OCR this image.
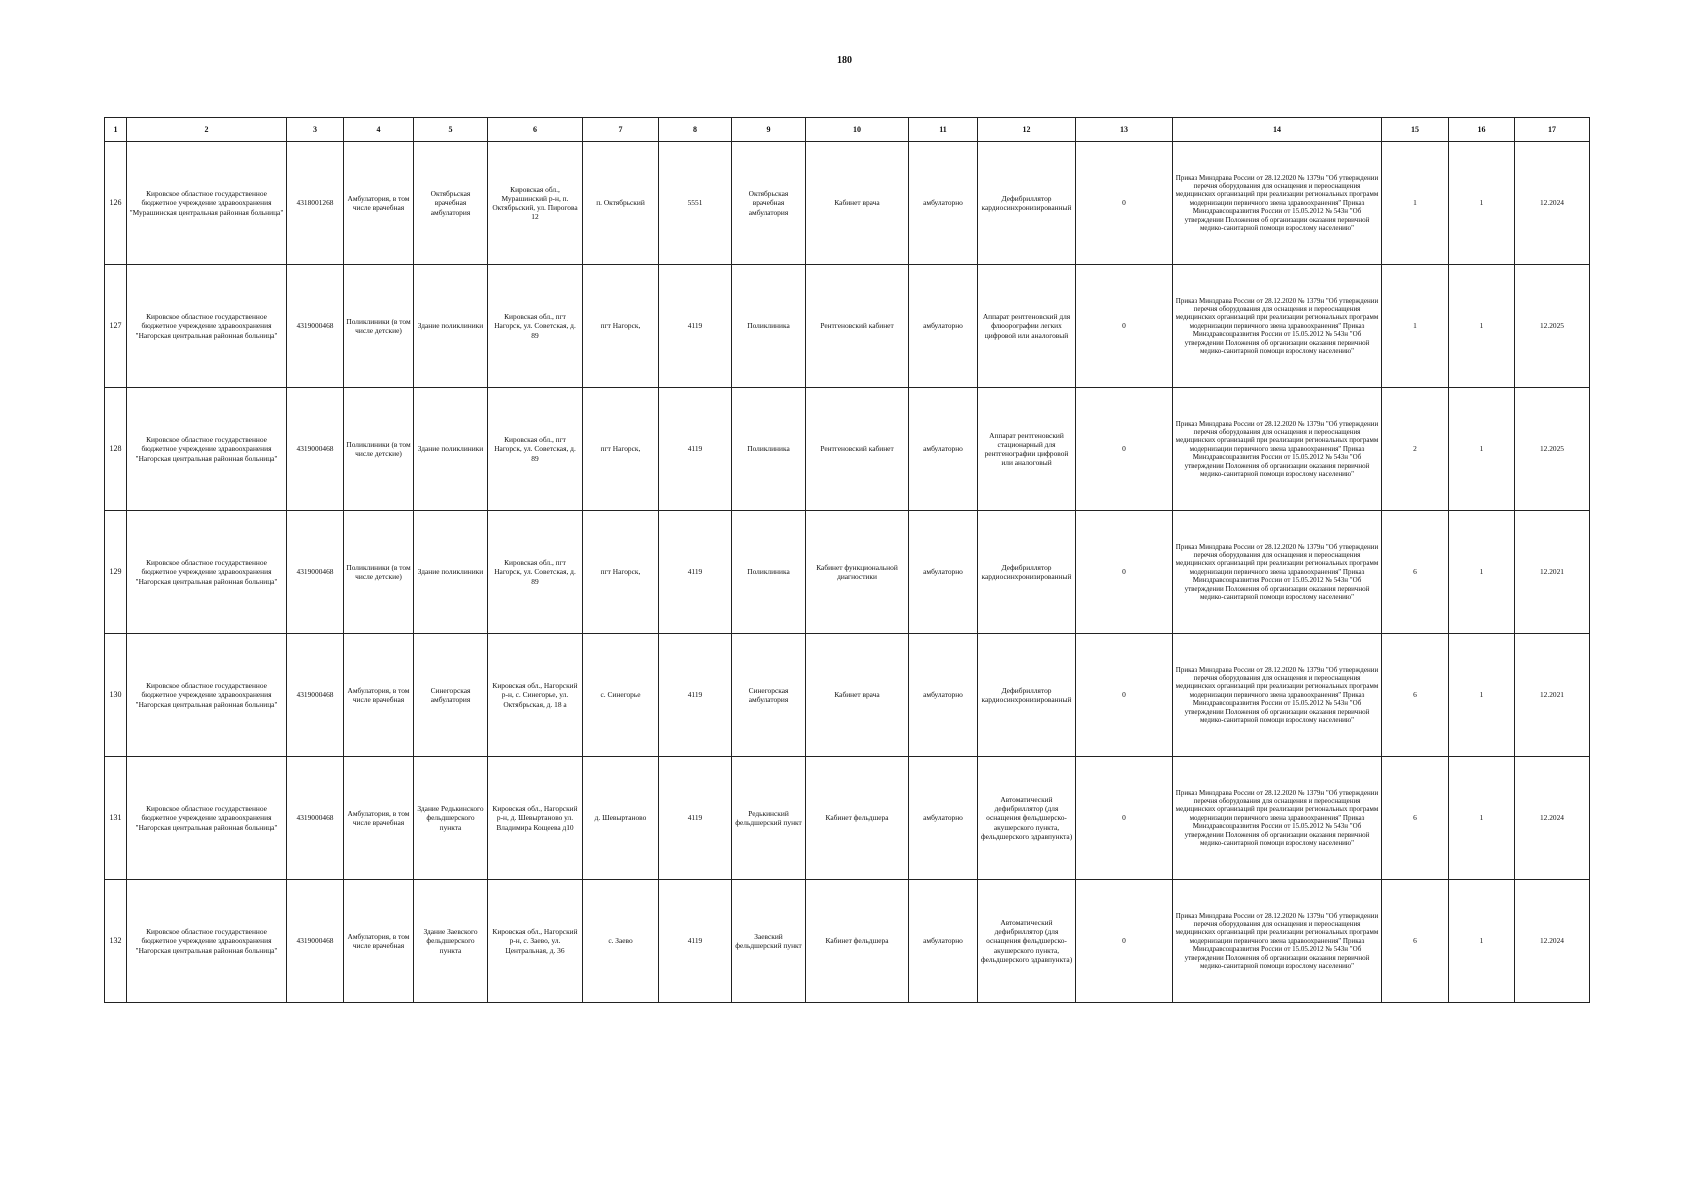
180
1	2	3	4	5	6	7	8	9	10	11	12	13	14	15	16	17
126	Кировское областное государственное бюджетное учреждение здравоохранения "Мурашинская центральная районная больница"	4318001268	Амбулатория, в том числе врачебная	Октябрьская врачебная амбулатория	Кировская обл., Мурашинский р-н, п. Октябрьский, ул. Пирогова 12	п. Октябрьский	5551	Октябрьская врачебная амбулатория	Кабинет врача	амбулаторно	Дефибриллятор кардиосинхронизированный	0	Приказ Минздрава России от 28.12.2020 № 1379н "Об утверждении перечня оборудования для оснащения и переоснащения медицинских организаций при реализации региональных программ модернизации первичного звена здравоохранения" Приказ Минздравсоцразвития России от 15.05.2012 № 543н "Об утверждении Положения об организации оказания первичной медико-санитарной помощи взрослому населению"	1	1	12.2024
127	Кировское областное государственное бюджетное учреждение здравоохранения "Нагорская центральная районная больница"	4319000468	Поликлиники (в том числе детские)	Здание поликлиники	Кировская обл., пгт Нагорск, ул. Советская, д. 89	пгт Нагорск,	4119	Поликлиника	Рентгеновский кабинет	амбулаторно	Аппарат рентгеновский для флюорографии легких цифровой или аналоговый	0	Приказ Минздрава России от 28.12.2020 № 1379н "Об утверждении перечня оборудования для оснащения и переоснащения медицинских организаций при реализации региональных программ модернизации первичного звена здравоохранения" Приказ Минздравсоцразвития России от 15.05.2012 № 543н "Об утверждении Положения об организации оказания первичной медико-санитарной помощи взрослому населению"	1	1	12.2025
128	Кировское областное государственное бюджетное учреждение здравоохранения "Нагорская центральная районная больница"	4319000468	Поликлиники (в том числе детские)	Здание поликлиники	Кировская обл., пгт Нагорск, ул. Советская, д. 89	пгт Нагорск,	4119	Поликлиника	Рентгеновский кабинет	амбулаторно	Аппарат рентгеновский стационарный для рентгенографии цифровой или аналоговый	0	Приказ Минздрава России от 28.12.2020 № 1379н "Об утверждении перечня оборудования для оснащения и переоснащения медицинских организаций при реализации региональных программ модернизации первичного звена здравоохранения" Приказ Минздравсоцразвития России от 15.05.2012 № 543н "Об утверждении Положения об организации оказания первичной медико-санитарной помощи взрослому населению"	2	1	12.2025
129	Кировское областное государственное бюджетное учреждение здравоохранения "Нагорская центральная районная больница"	4319000468	Поликлиники (в том числе детские)	Здание поликлиники	Кировская обл., пгт Нагорск, ул. Советская, д. 89	пгт Нагорск,	4119	Поликлиника	Кабинет функциональной диагностики	амбулаторно	Дефибриллятор кардиосинхронизированный	0	Приказ Минздрава России от 28.12.2020 № 1379н "Об утверждении перечня оборудования для оснащения и переоснащения медицинских организаций при реализации региональных программ модернизации первичного звена здравоохранения" Приказ Минздравсоцразвития России от 15.05.2012 № 543н "Об утверждении Положения об организации оказания первичной медико-санитарной помощи взрослому населению"	6	1	12.2021
130	Кировское областное государственное бюджетное учреждение здравоохранения "Нагорская центральная районная больница"	4319000468	Амбулатория, в том числе врачебная	Синегорская амбулатория	Кировская обл., Нагорский р-н, с. Синегорье, ул. Октябрьская, д. 18 а	с. Синегорье	4119	Синегорская амбулатория	Кабинет врача	амбулаторно	Дефибриллятор кардиосинхронизированный	0	Приказ Минздрава России от 28.12.2020 № 1379н "Об утверждении перечня оборудования для оснащения и переоснащения медицинских организаций при реализации региональных программ модернизации первичного звена здравоохранения" Приказ Минздравсоцразвития России от 15.05.2012 № 543н "Об утверждении Положения об организации оказания первичной медико-санитарной помощи взрослому населению"	6	1	12.2021
131	Кировское областное государственное бюджетное учреждение здравоохранения "Нагорская центральная районная больница"	4319000468	Амбулатория, в том числе врачебная	Здание Редькинского фельдшерского пункта	Кировская обл., Нагорский р-н, д. Шевыртаново ул. Владимира Кощеева д10	д. Шевыртаново	4119	Редькинский фельдшерский пункт	Кабинет фельдшера	амбулаторно	Автоматический дефибриллятор (для оснащения фельдшерско-акушерского пункта, фельдшерского здравпункта)	0	Приказ Минздрава России от 28.12.2020 № 1379н "Об утверждении перечня оборудования для оснащения и переоснащения медицинских организаций при реализации региональных программ модернизации первичного звена здравоохранения" Приказ Минздравсоцразвития России от 15.05.2012 № 543н "Об утверждении Положения об организации оказания первичной медико-санитарной помощи взрослому населению"	6	1	12.2024
132	Кировское областное государственное бюджетное учреждение здравоохранения "Нагорская центральная районная больница"	4319000468	Амбулатория, в том числе врачебная	Здание Заевского фельдшерского пункта	Кировская обл., Нагорский р-н, с. Заево, ул. Центральная, д. 36	с. Заево	4119	Заевский фельдшерский пункт	Кабинет фельдшера	амбулаторно	Автоматический дефибриллятор (для оснащения фельдшерско-акушерского пункта, фельдшерского здравпункта)	0	Приказ Минздрава России от 28.12.2020 № 1379н "Об утверждении перечня оборудования для оснащения и переоснащения медицинских организаций при реализации региональных программ модернизации первичного звена здравоохранения" Приказ Минздравсоцразвития России от 15.05.2012 № 543н "Об утверждении Положения об организации оказания первичной медико-санитарной помощи взрослому населению"	6	1	12.2024
